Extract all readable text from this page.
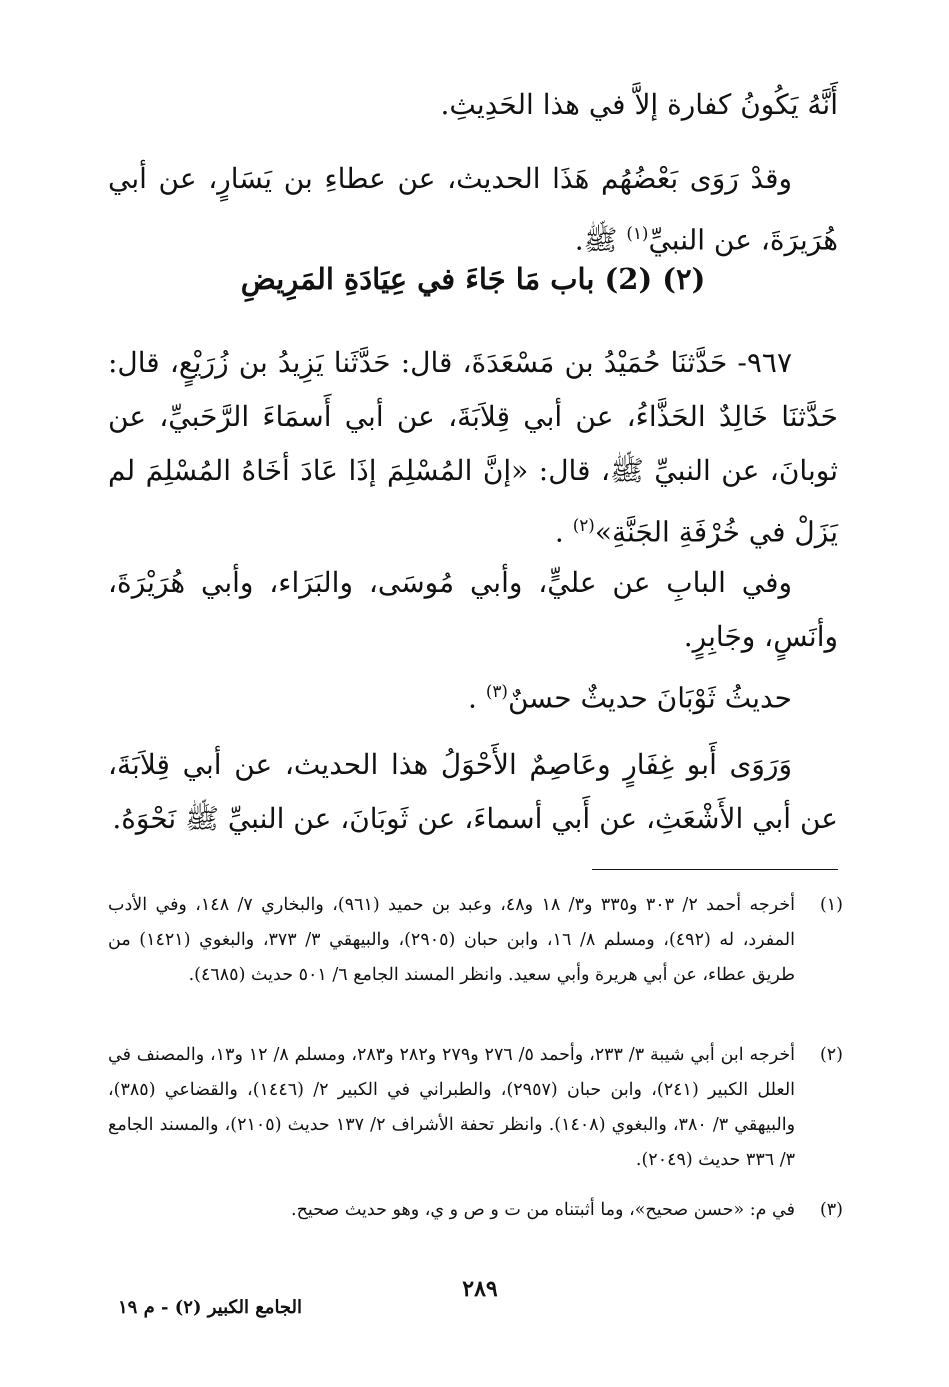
أَنَّهُ يَكُونُ كفارة إلاَّ في هذا الحَدِيثِ.
وقدْ رَوَى بَعْضُهُم هَذَا الحديث، عن عطاءِ بن يَسَارٍ، عن أبي هُرَيرَةَ، عن النبيِّ$^{(١)}$ ﷺ.
(٢) (2) باب مَا جَاءَ في عِيَادَةِ المَرِيضِ
٩٦٧- حَدَّثنَا حُمَيْدُ بن مَسْعَدَةَ، قال: حَدَّثَنا يَزِيدُ بن زُرَيْعٍ، قال: حَدَّثنَا خَالِدٌ الحَذَّاءُ، عن أبي قِلاَبَةَ، عن أبي أَسمَاءَ الرَّحَبيِّ، عن ثوبانَ، عن النبيِّ ﷺ، قال: «إنَّ المُسْلِمَ إذَا عَادَ أخَاهُ المُسْلِمَ لم يَزَلْ في خُرْفَةِ الجَنَّةِ»$^{(٢)}$ .
وفي البابِ عن عليٍّ، وأبي مُوسَى، والبَرَاء، وأبي هُرَيْرَةَ، وأنَسٍ، وجَابِرٍ.
حديثُ ثَوْبَانَ حديثٌ حسنٌ$^{(٣)}$ .
وَرَوَى أَبو غِفَارٍ وعَاصِمٌ الأَحْوَلُ هذا الحديث، عن أبي قِلاَبَةَ، عن أبي الأَشْعَثِ، عن أَبي أسماءَ، عن ثَوبَانَ، عن النبيِّ ﷺ نَحْوَهُ.
(١)
أخرجه أحمد ٢/ ٣٠٣ و٣٣٥ و٣/ ١٨ و٤٨، وعبد بن حميد (٩٦١)، والبخاري ٧/ ١٤٨، وفي الأدب المفرد، له (٤٩٢)، ومسلم ٨/ ١٦، وابن حبان (٢٩٠٥)، والبيهقي ٣/ ٣٧٣، والبغوي (١٤٢١) من طريق عطاء، عن أبي هريرة وأبي سعيد. وانظر المسند الجامع ٦/ ٥٠١ حديث (٤٦٨٥).
(٢)
أخرجه ابن أبي شيبة ٣/ ٢٣٣، وأحمد ٥/ ٢٧٦ و٢٧٩ و٢٨٢ و٢٨٣، ومسلم ٨/ ١٢ و١٣، والمصنف في العلل الكبير (٢٤١)، وابن حبان (٢٩٥٧)، والطبراني في الكبير ٢/ (١٤٤٦)، والقضاعي (٣٨٥)، والبيهقي ٣/ ٣٨٠، والبغوي (١٤٠٨). وانظر تحفة الأشراف ٢/ ١٣٧ حديث (٢١٠٥)، والمسند الجامع ٣/ ٣٣٦ حديث (٢٠٤٩).
(٣)
في م: «حسن صحيح»، وما أثبتناه من ت و ص و ي، وهو حديث صحيح.
٢٨٩
الجامع الكبير (٢) - م ١٩
